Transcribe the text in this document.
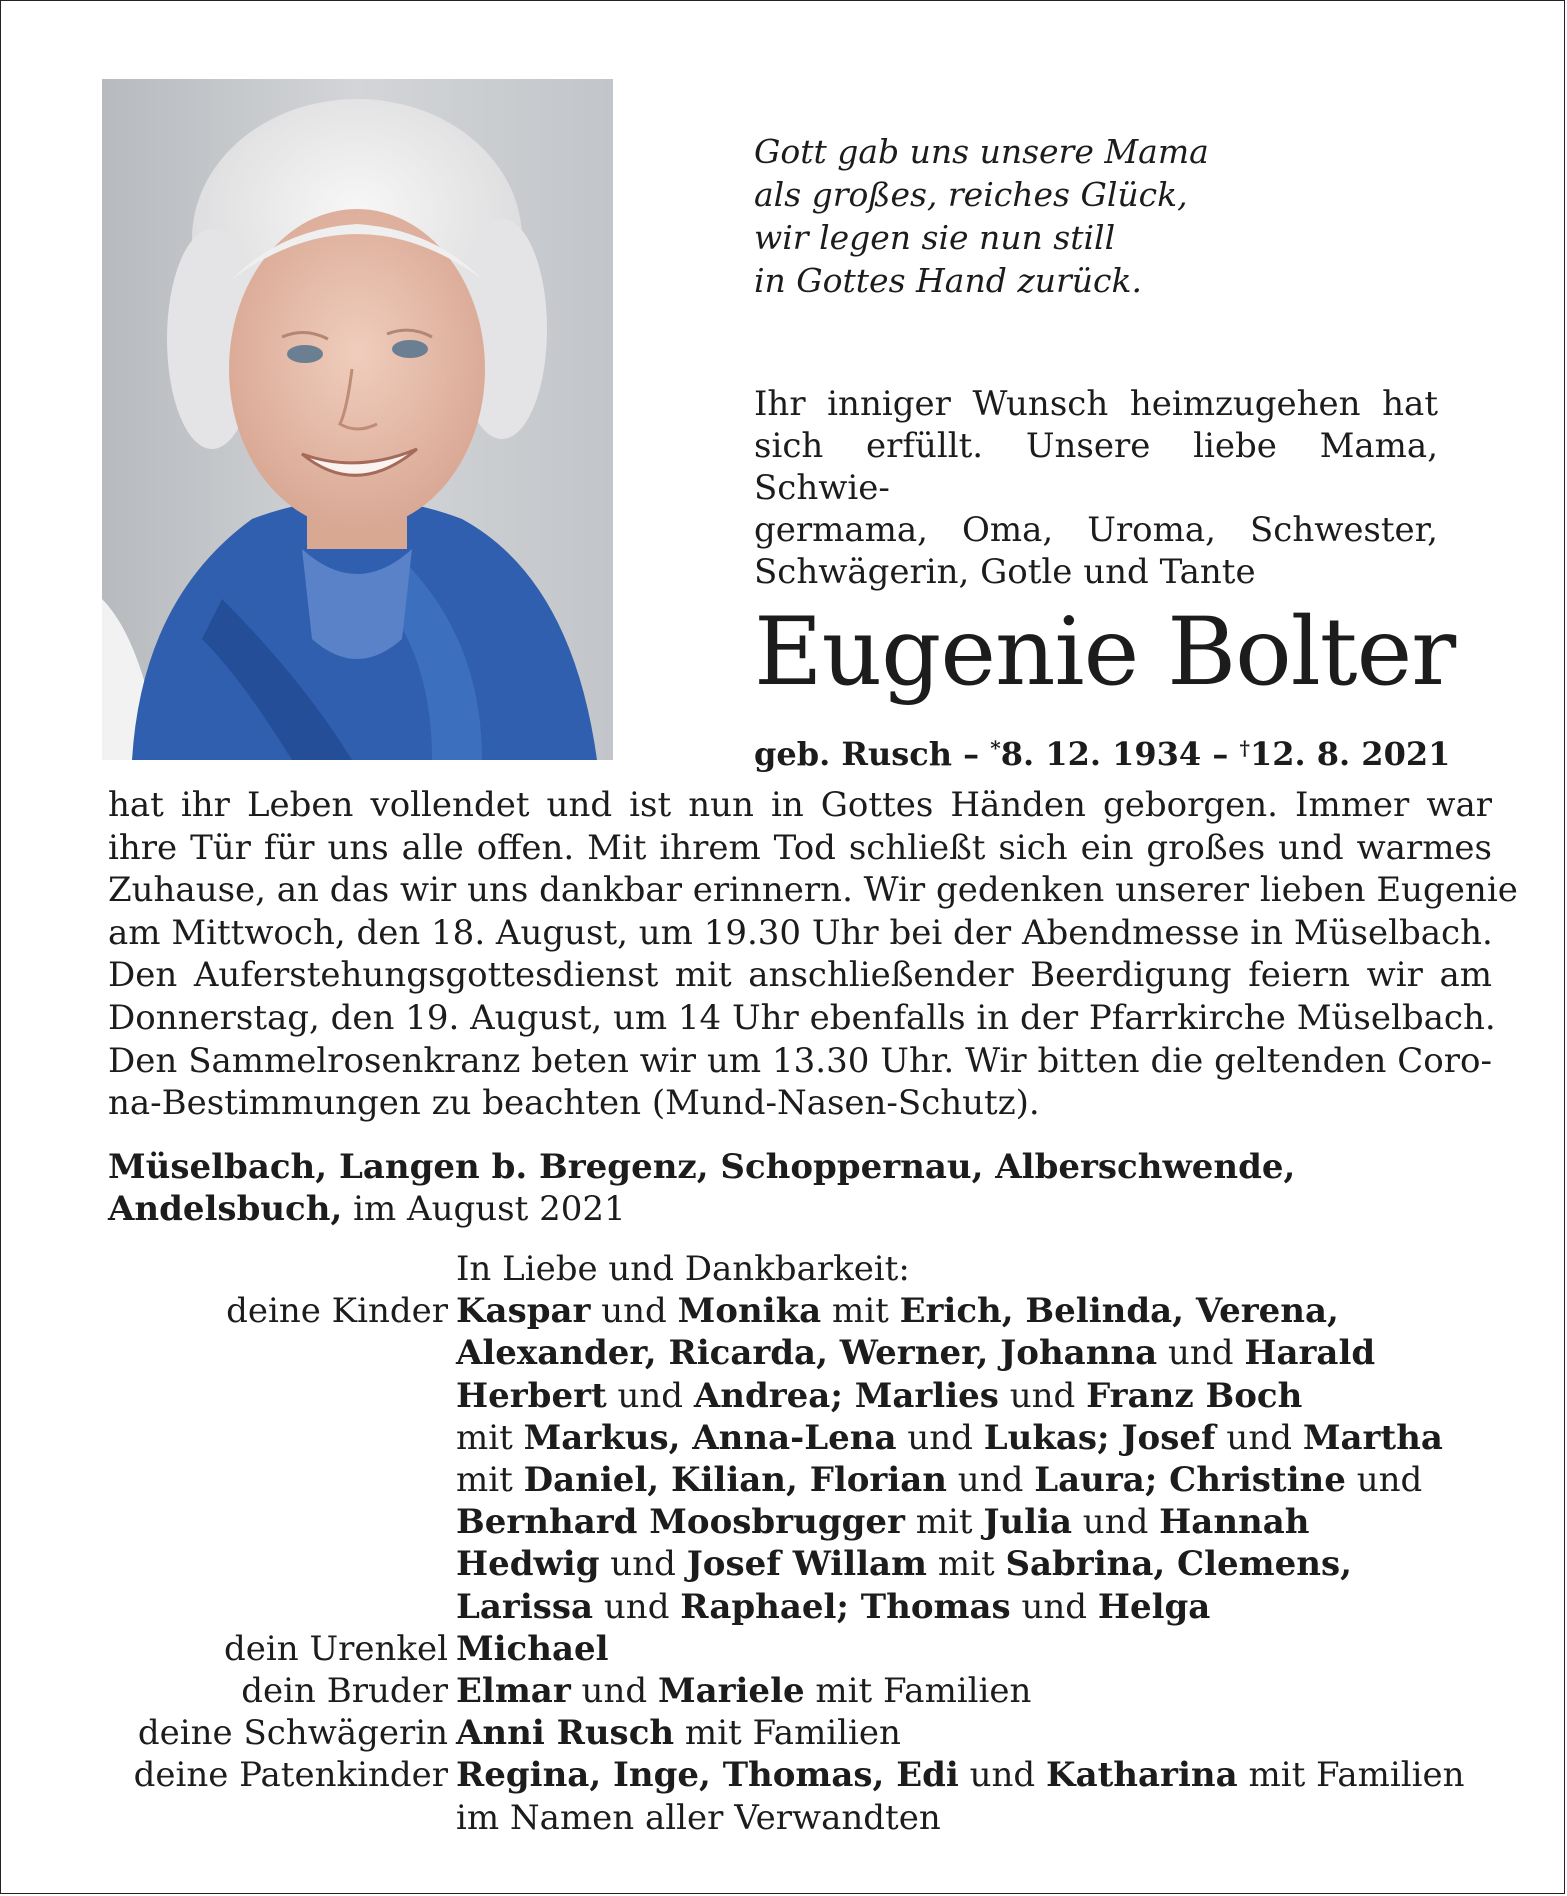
Gott gab uns unsere Mama
als großes, reiches Glück,
wir legen sie nun still
in Gottes Hand zurück.
Ihr inniger Wunsch heimzugehen hat
sich erfüllt. Unsere liebe Mama, Schwie-
germama, Oma, Uroma, Schwester,
Schwägerin, Gotle und Tante
Eugenie Bolter
geb. Rusch – *8. 12. 1934 – †12. 8. 2021
hat ihr Leben vollendet und ist nun in Gottes Händen geborgen. Immer war
ihre Tür für uns alle offen. Mit ihrem Tod schließt sich ein großes und warmes
Zuhause, an das wir uns dankbar erinnern. Wir gedenken unserer lieben Eugenie
am Mittwoch, den 18. August, um 19.30 Uhr bei der Abendmesse in Müselbach.
Den Auferstehungsgottesdienst mit anschließender Beerdigung feiern wir am
Donnerstag, den 19. August, um 14 Uhr ebenfalls in der Pfarrkirche Müselbach.
Den Sammelrosenkranz beten wir um 13.30 Uhr. Wir bitten die geltenden Coro-
na-Bestimmungen zu beachten (Mund-Nasen-Schutz).
Müselbach, Langen b. Bregenz, Schoppernau, Alberschwende,
Andelsbuch, im August 2021
In Liebe und Dankbarkeit:
deine Kinder Kaspar und Monika mit Erich, Belinda, Verena,
Alexander, Ricarda, Werner, Johanna und Harald
Herbert und Andrea; Marlies und Franz Boch
mit Markus, Anna-Lena und Lukas; Josef und Martha
mit Daniel, Kilian, Florian und Laura; Christine und
Bernhard Moosbrugger mit Julia und Hannah
Hedwig und Josef Willam mit Sabrina, Clemens,
Larissa und Raphael; Thomas und Helga
dein Urenkel Michael
dein Bruder Elmar und Mariele mit Familien
deine Schwägerin Anni Rusch mit Familien
deine Patenkinder Regina, Inge, Thomas, Edi und Katharina mit Familien
im Namen aller Verwandten
